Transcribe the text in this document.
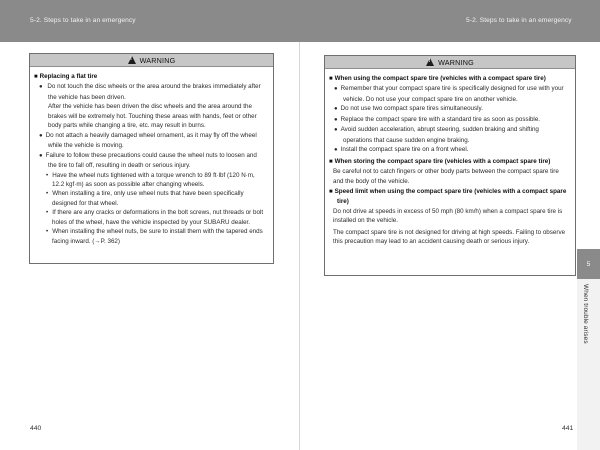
5-2. Steps to take in an emergency	5-2. Steps to take in an emergency
!
WARNING
■ Replacing a flat tire
● Do not touch the disc wheels or the area around the brakes immediately after the vehicle has been driven.

After the vehicle has been driven the disc wheels and the area around the brakes will be extremely hot. Touching these areas with hands, feet or other body parts while changing a tire, etc. may result in burns.

● Do not attach a heavily damaged wheel ornament, as it may fly off the wheel while the vehicle is moving.
● Failure to follow these precautions could cause the wheel nuts to loosen and the tire to fall off, resulting in death or serious injury.
• Have the wheel nuts tightened with a torque wrench to 89 ft·lbf (120 N·m, 12.2 kgf·m) as soon as possible after changing wheels.
• When installing a tire, only use wheel nuts that have been specifically designed for that wheel.
• If there are any cracks or deformations in the bolt screws, nut threads or bolt holes of the wheel, have the vehicle inspected by your SUBARU dealer.
• When installing the wheel nuts, be sure to install them with the tapered ends facing inward. (→P. 362)
!
WARNING
■ When using the compact spare tire (vehicles with a compact spare tire)
● Remember that your compact spare tire is specifically designed for use with your vehicle. Do not use your compact spare tire on another vehicle.
● Do not use two compact spare tires simultaneously.
● Replace the compact spare tire with a standard tire as soon as possible.
● Avoid sudden acceleration, abrupt steering, sudden braking and shifting operations that cause sudden engine braking.
● Install the compact spare tire on a front wheel.
■ When storing the compact spare tire (vehicles with a compact spare tire)
Be careful not to catch fingers or other body parts between the compact spare tire and the body of the vehicle.
■ Speed limit when using the compact spare tire (vehicles with a compact spare tire)
Do not drive at speeds in excess of 50 mph (80 km/h) when a compact spare tire is installed on the vehicle.
The compact spare tire is not designed for driving at high speeds. Failing to observe this precaution may lead to an accident causing death or serious injury.
5
When trouble arises
440	441
